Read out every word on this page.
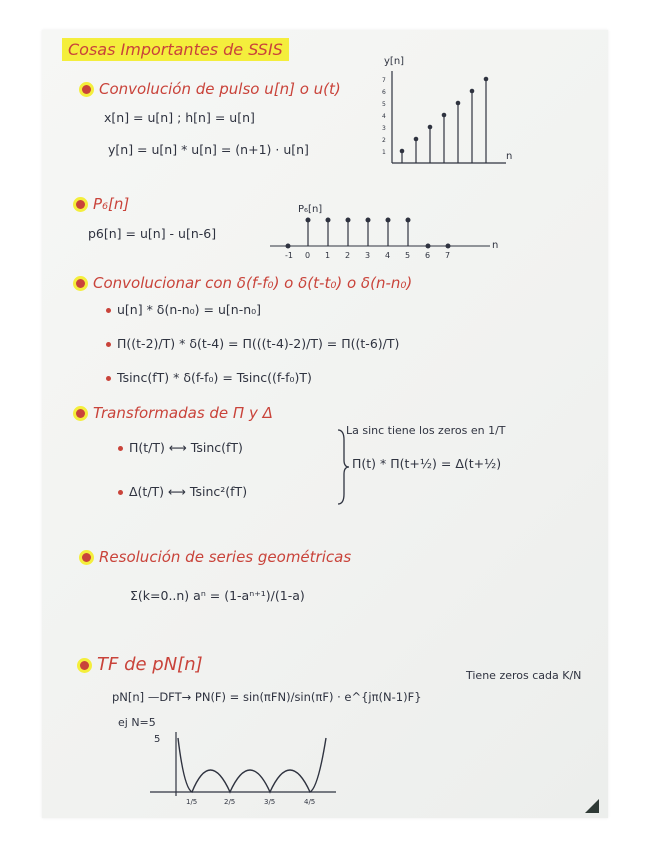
Cosas Importantes de SSIS
Convolución de pulso u[n] o u(t)
x[n] = u[n] ; h[n] = u[n]
y[n] = u[n] * u[n] = (n+1) · u[n]
y[n]
n
1
2
3
4
5
6
7
P₆[n]
p6[n] = u[n] - u[n-6]
P₆[n]
n
-1 0 1 2 3 4 5 6 7
Convolucionar con δ(f-f₀) o δ(t-t₀) o δ(n-n₀)
u[n] * δ(n-n₀) = u[n-n₀]
Π((t-2)/T) * δ(t-4) = Π(((t-4)-2)/T) = Π((t-6)/T)
Tsinc(fT) * δ(f-f₀) = Tsinc((f-f₀)T)
Transformadas de Π y Δ
Π(t/T) ⟷ Tsinc(fT)
Δ(t/T) ⟷ Tsinc²(fT)
La sinc tiene los zeros en 1/T
Π(t) * Π(t+½) = Δ(t+½)
Resolución de series geométricas
Σ(k=0..n) aⁿ = (1-aⁿ⁺¹)/(1-a)
TF de pN[n]
pN[n] —DFT→ PN(F) = sin(πFN)/sin(πF) · e^{jπ(N-1)F}
Tiene zeros cada K/N
ej N=5
5
1/5	2/5	3/5	4/5
